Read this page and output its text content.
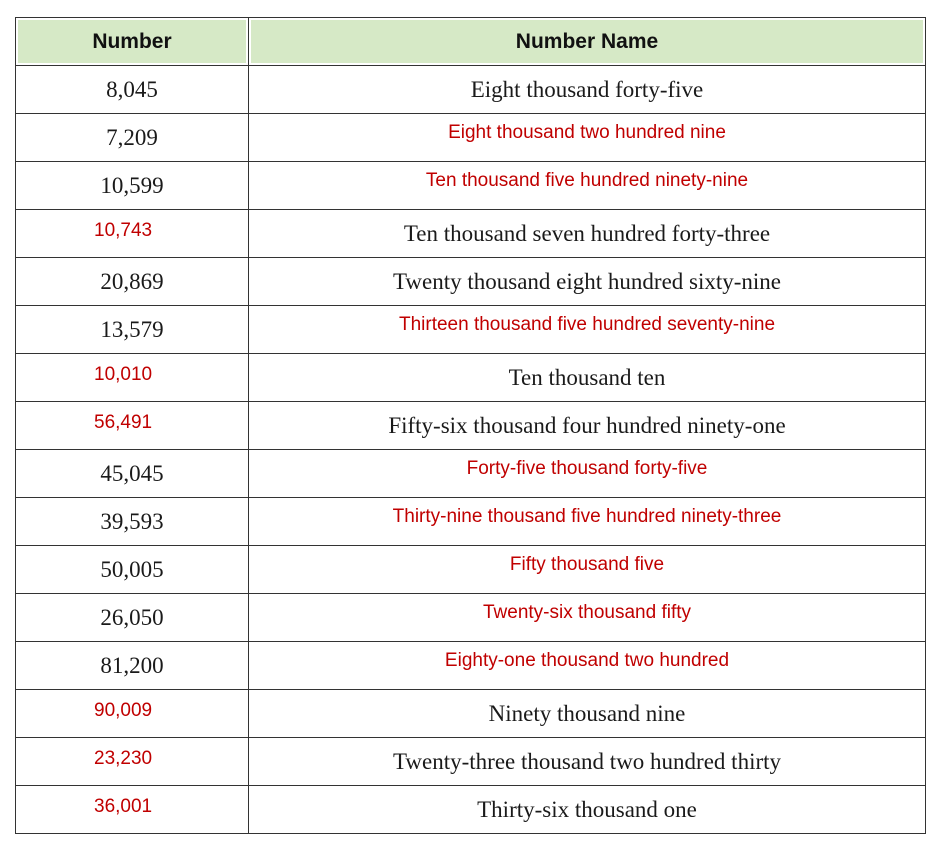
Number	Number Name
8,045	Eight thousand forty-five
7,209	Eight thousand two hundred nine
10,599	Ten thousand five hundred ninety-nine
10,743	Ten thousand seven hundred forty-three
20,869	Twenty thousand eight hundred sixty-nine
13,579	Thirteen thousand five hundred seventy-nine
10,010	Ten thousand ten
56,491	Fifty-six thousand four hundred ninety-one
45,045	Forty-five thousand forty-five
39,593	Thirty-nine thousand five hundred ninety-three
50,005	Fifty thousand five
26,050	Twenty-six thousand fifty
81,200	Eighty-one thousand two hundred
90,009	Ninety thousand nine
23,230	Twenty-three thousand two hundred thirty
36,001	Thirty-six thousand one
